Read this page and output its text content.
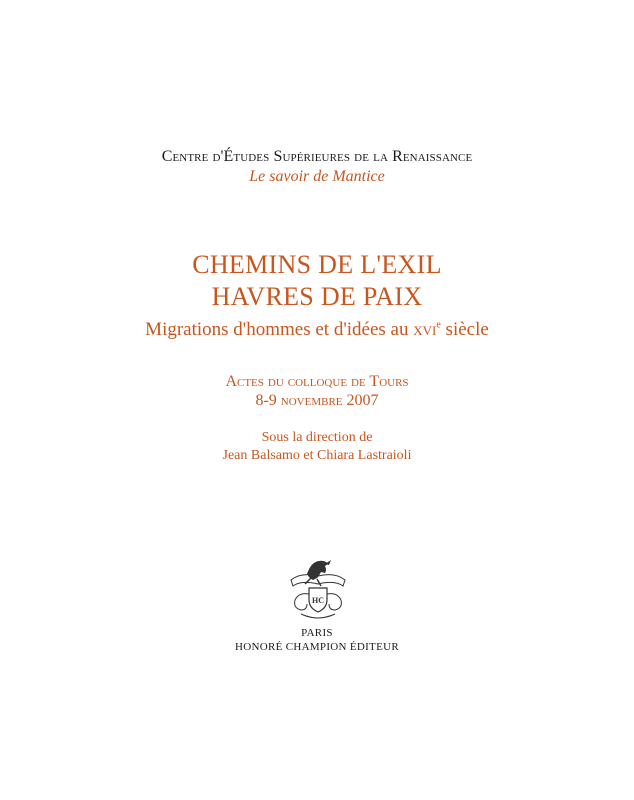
Centre d'Études Supérieures de la Renaissance
Le savoir de Mantice
CHEMINS DE L'EXIL
HAVRES DE PAIX
Migrations d'hommes et d'idées au xvi$^e$ siècle
Actes du colloque de Tours
8-9 novembre 2007
Sous la direction de
Jean Balsamo et Chiara Lastraioli
HC
PARIS
HONORÉ CHAMPION ÉDITEUR
